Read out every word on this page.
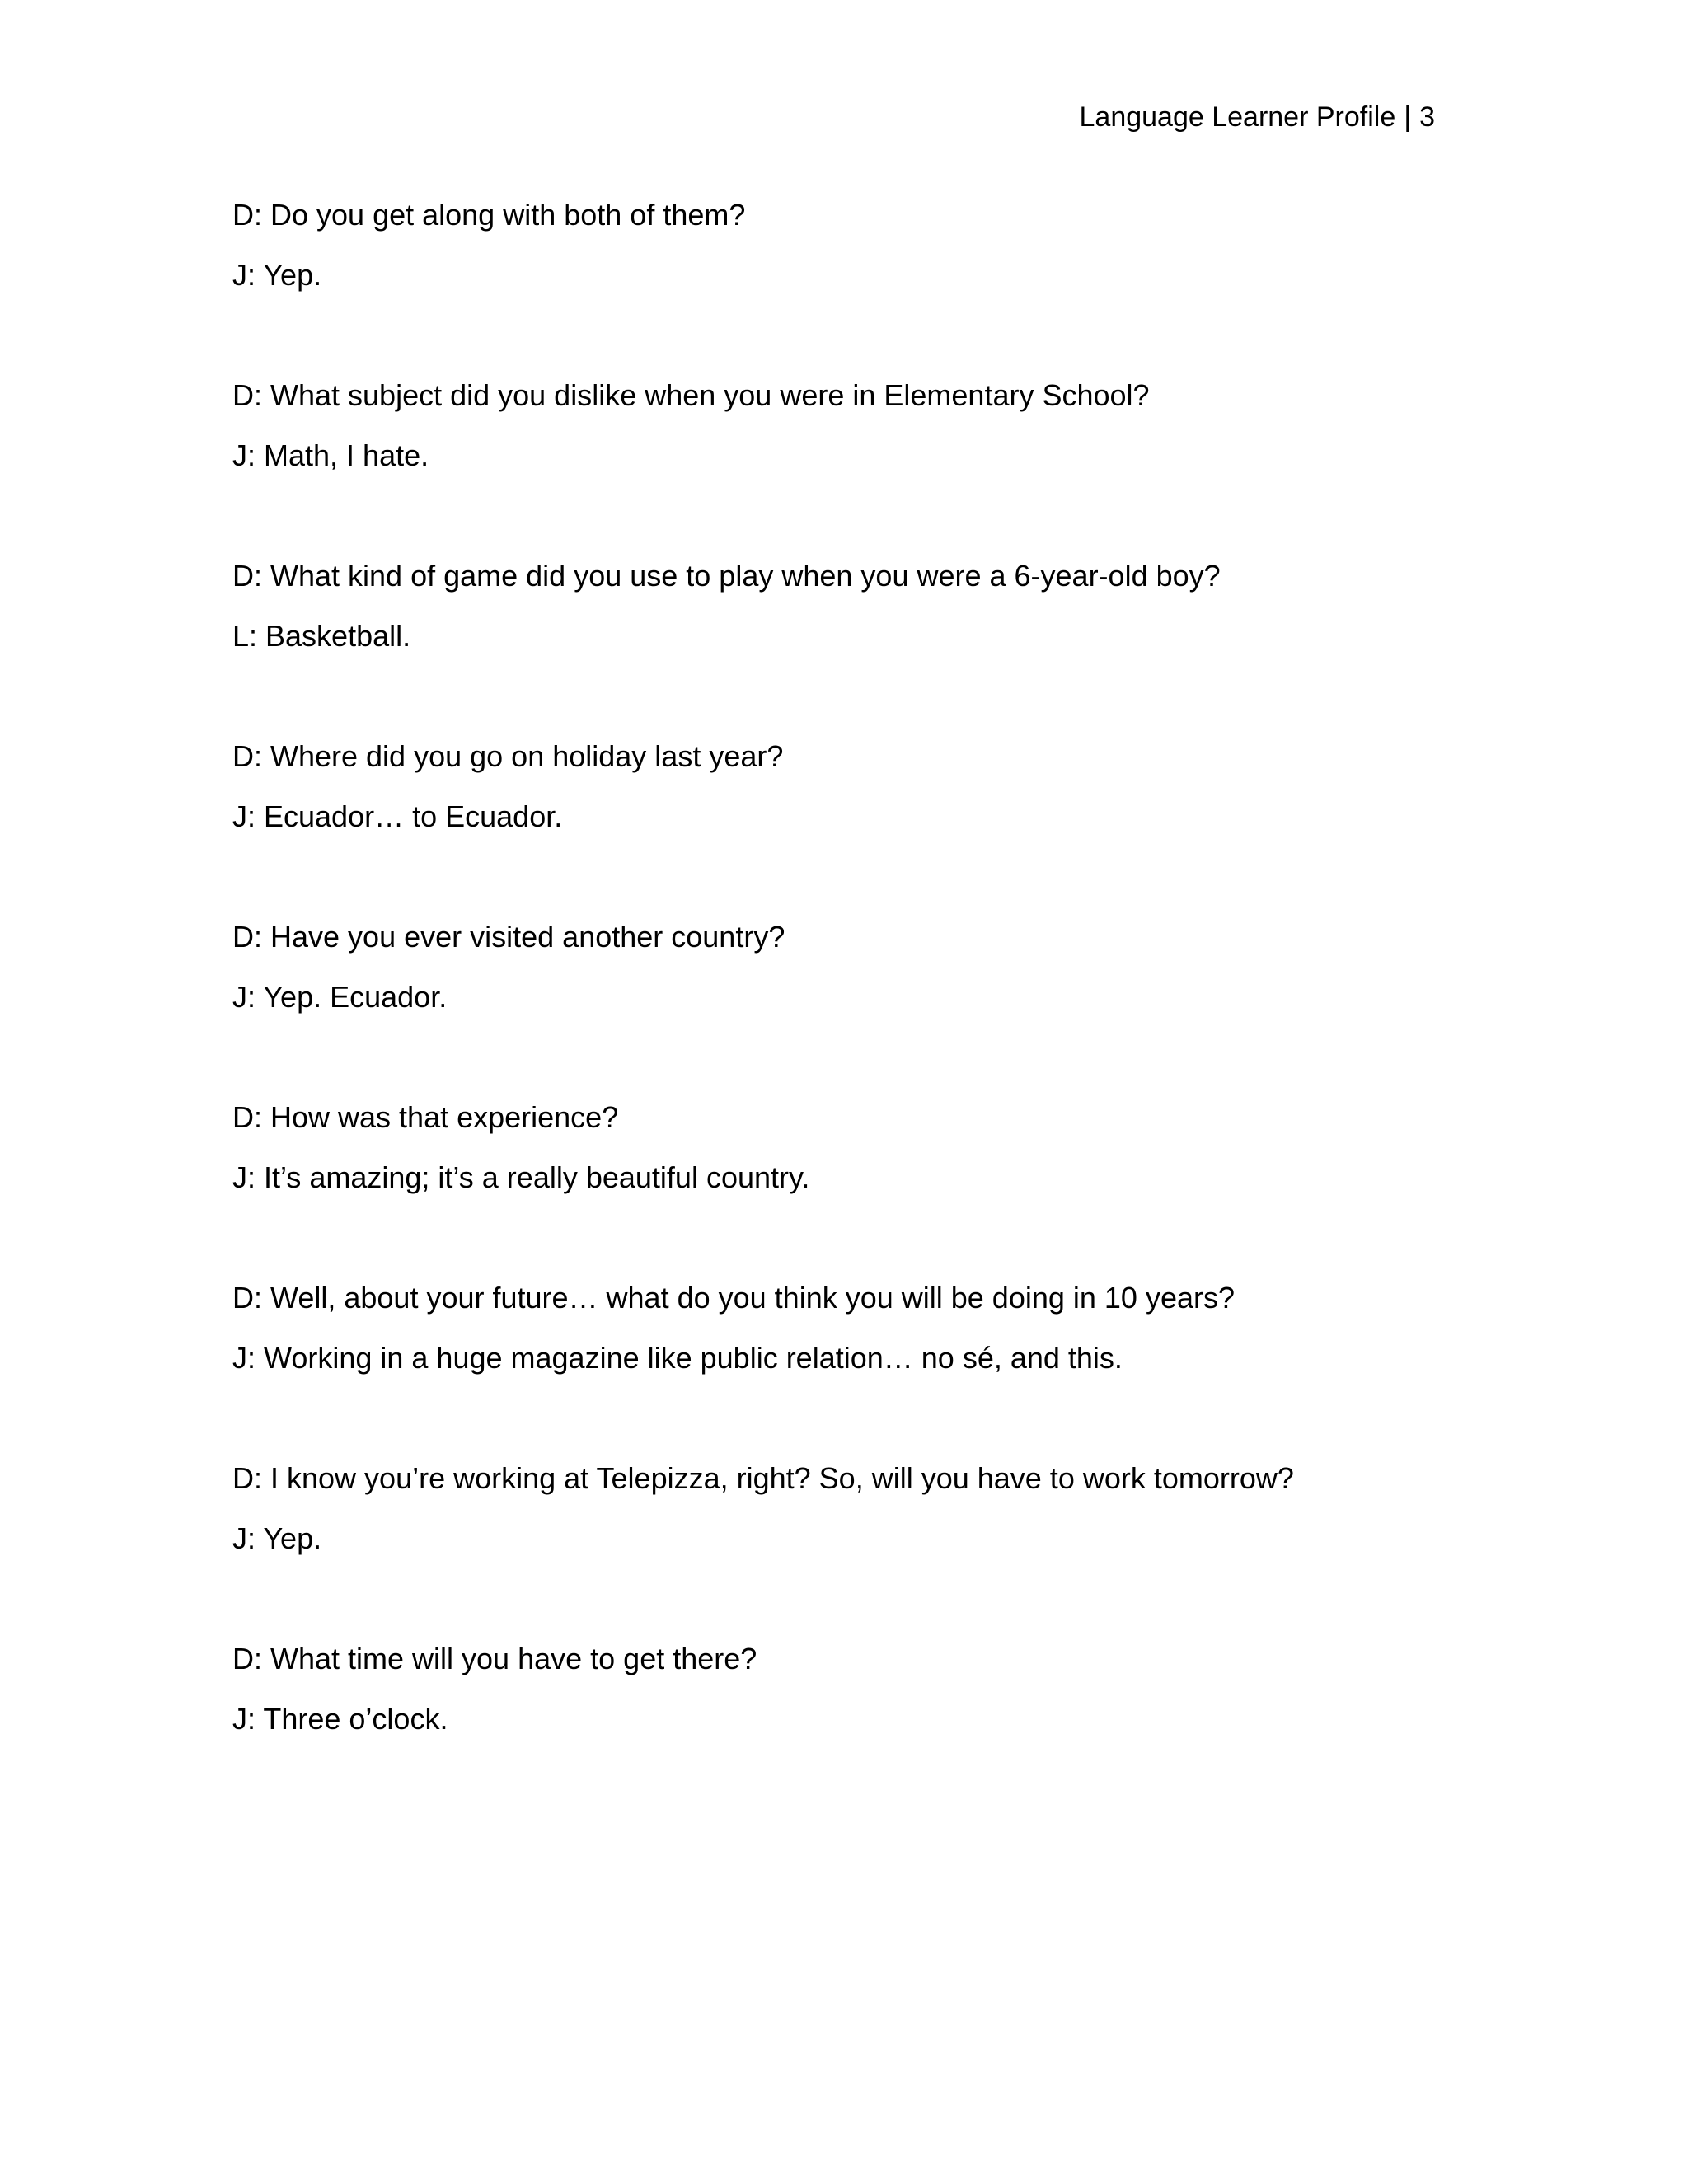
Language Learner Profile | 3
D: Do you get along with both of them?
J: Yep.
D: What subject did you dislike when you were in Elementary School?
J: Math, I hate.
D: What kind of game did you use to play when you were a 6-year-old boy?
L: Basketball.
D: Where did you go on holiday last year?
J: Ecuador… to Ecuador.
D: Have you ever visited another country?
J: Yep. Ecuador.
D: How was that experience?
J: It’s amazing; it’s a really beautiful country.
D: Well, about your future… what do you think you will be doing in 10 years?
J: Working in a huge magazine like public relation… no sé, and this.
D: I know you’re working at Telepizza, right? So, will you have to work tomorrow?
J: Yep.
D: What time will you have to get there?
J: Three o’clock.
